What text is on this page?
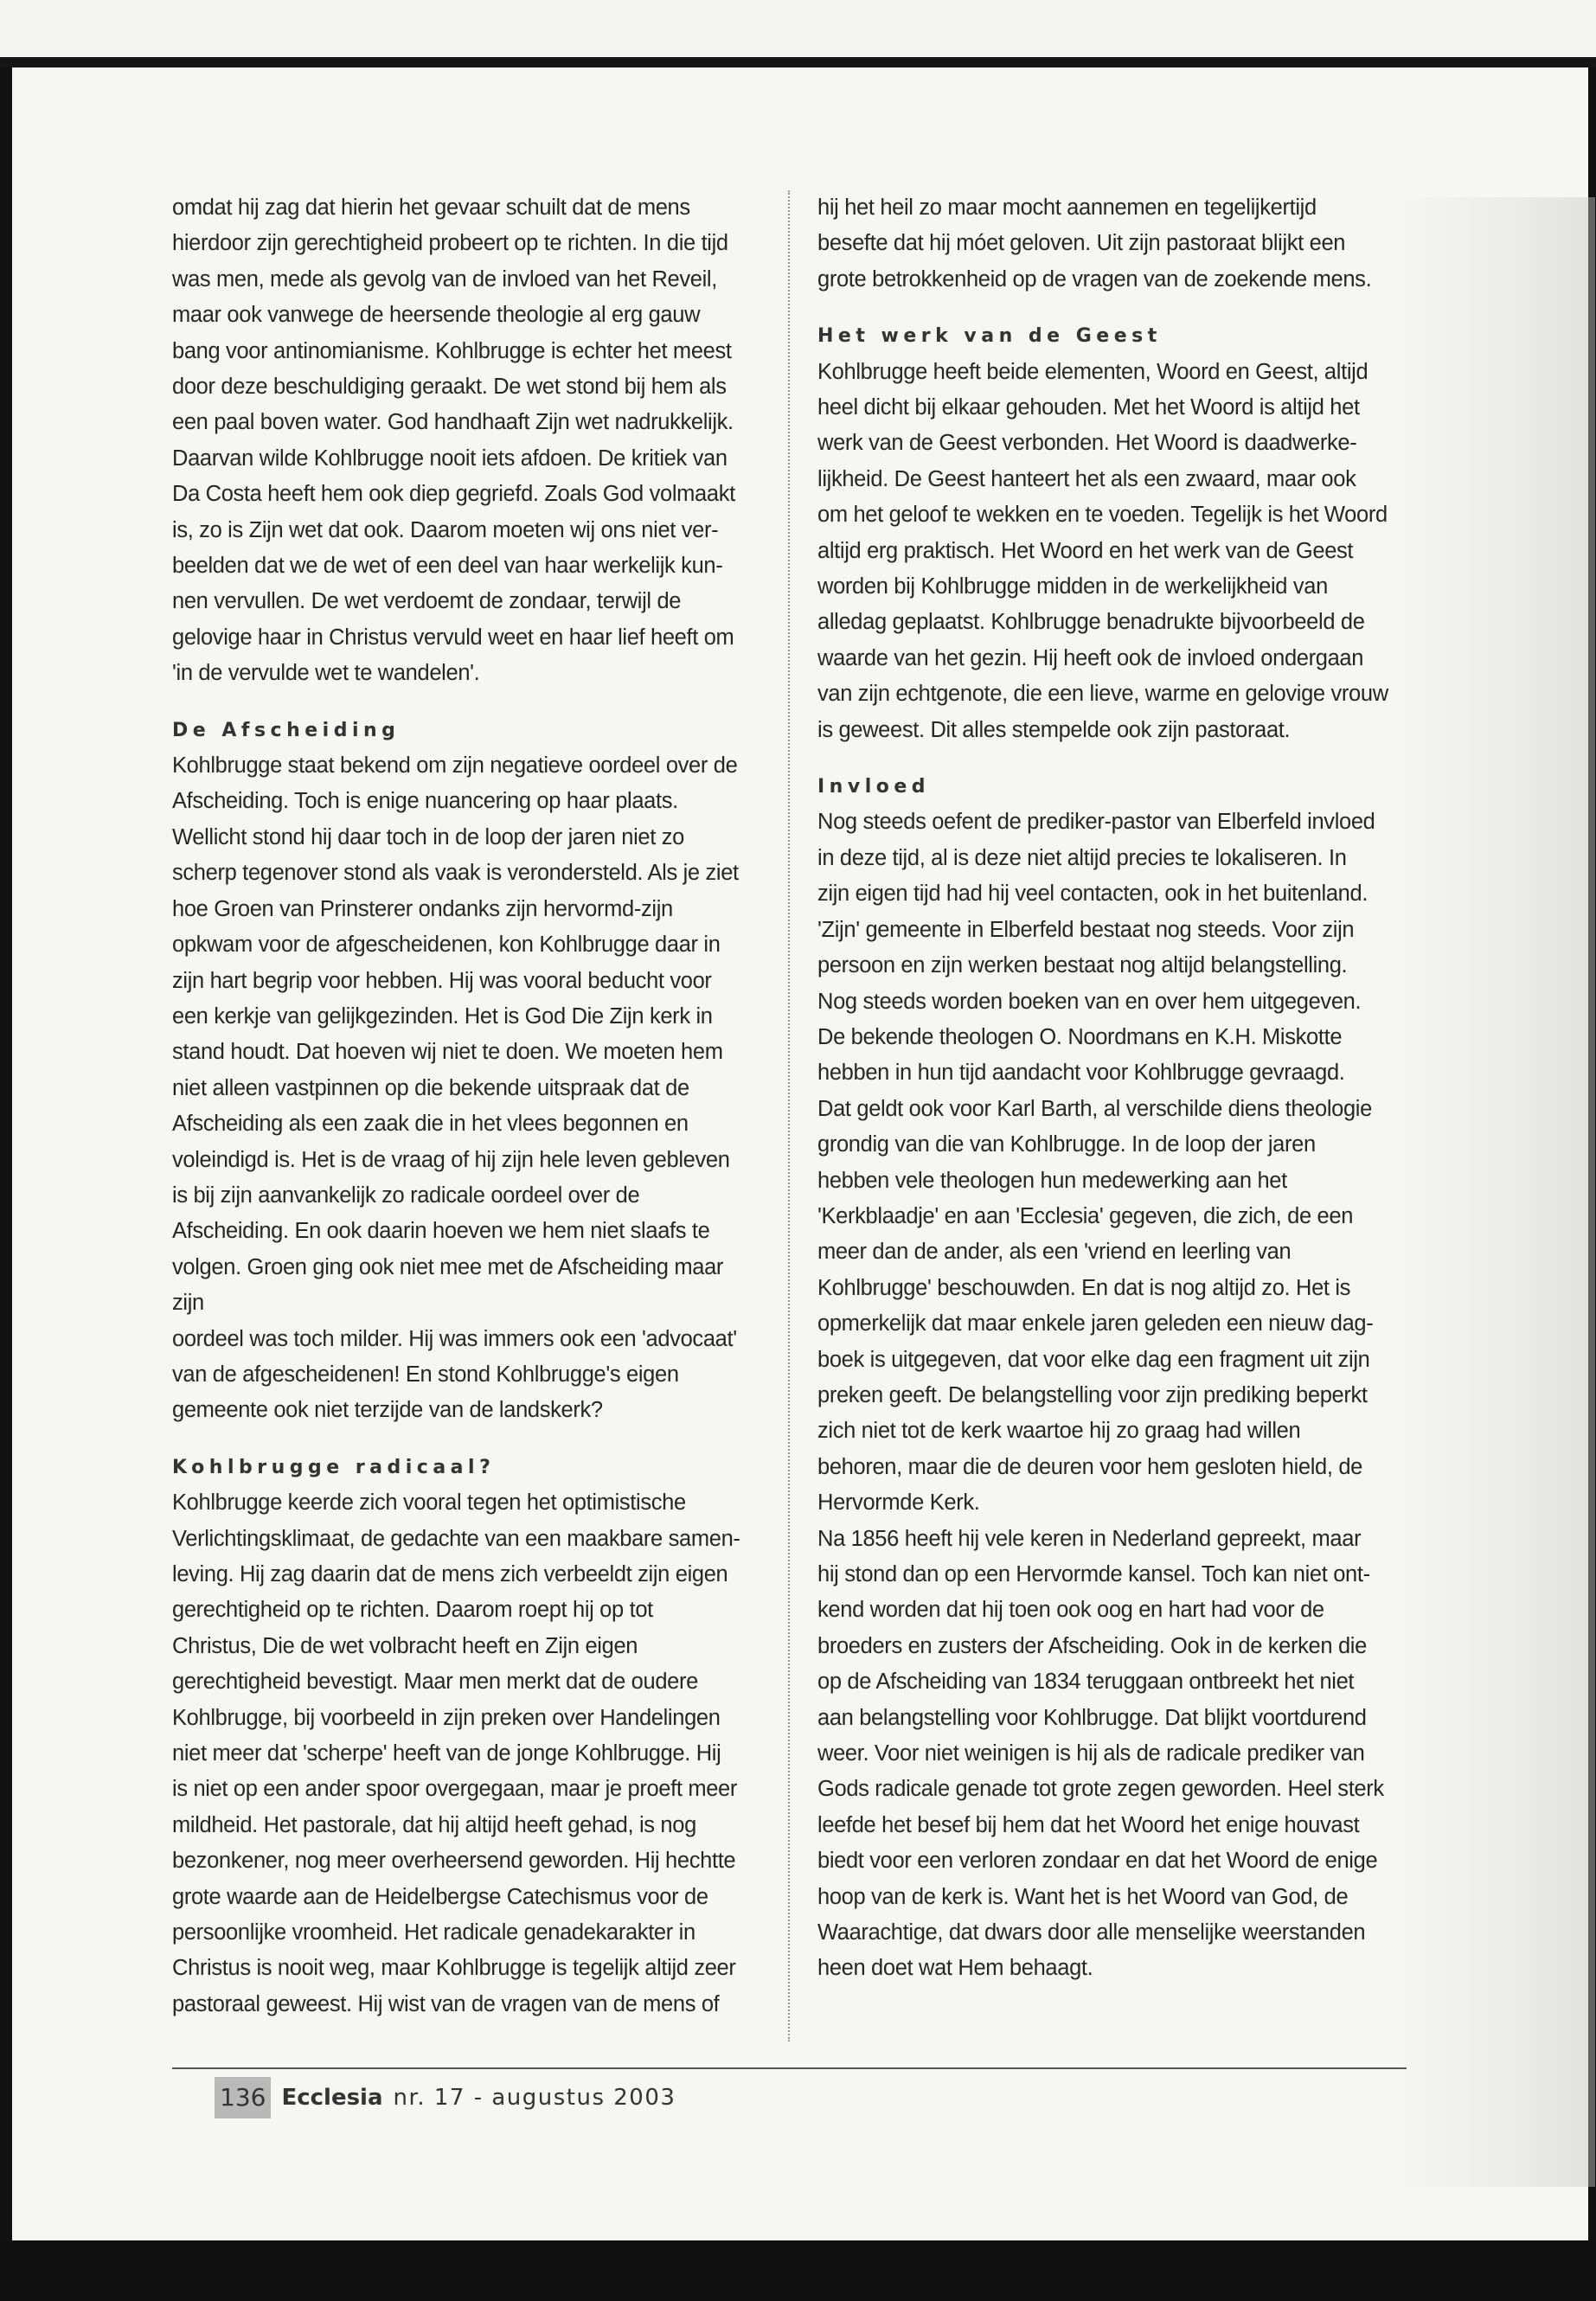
omdat hij zag dat hierin het gevaar schuilt dat de mens

hierdoor zijn gerechtigheid probeert op te richten. In die tijd

was men, mede als gevolg van de invloed van het Reveil,

maar ook vanwege de heersende theologie al erg gauw

bang voor antinomianisme. Kohlbrugge is echter het meest

door deze beschuldiging geraakt. De wet stond bij hem als

een paal boven water. God handhaaft Zijn wet nadrukkelijk.

Daarvan wilde Kohlbrugge nooit iets afdoen. De kritiek van

Da Costa heeft hem ook diep gegriefd. Zoals God volmaakt

is, zo is Zijn wet dat ook. Daarom moeten wij ons niet ver-

beelden dat we de wet of een deel van haar werkelijk kun-

nen vervullen. De wet verdoemt de zondaar, terwijl de

gelovige haar in Christus vervuld weet en haar lief heeft om

'in de vervulde wet te wandelen'.

De Afscheiding

Kohlbrugge staat bekend om zijn negatieve oordeel over de

Afscheiding. Toch is enige nuancering op haar plaats.

Wellicht stond hij daar toch in de loop der jaren niet zo

scherp tegenover stond als vaak is verondersteld. Als je ziet

hoe Groen van Prinsterer ondanks zijn hervormd-zijn

opkwam voor de afgescheidenen, kon Kohlbrugge daar in

zijn hart begrip voor hebben. Hij was vooral beducht voor

een kerkje van gelijkgezinden. Het is God Die Zijn kerk in

stand houdt. Dat hoeven wij niet te doen. We moeten hem

niet alleen vastpinnen op die bekende uitspraak dat de

Afscheiding als een zaak die in het vlees begonnen en

voleindigd is. Het is de vraag of hij zijn hele leven gebleven

is bij zijn aanvankelijk zo radicale oordeel over de

Afscheiding. En ook daarin hoeven we hem niet slaafs te

volgen. Groen ging ook niet mee met de Afscheiding maar

zijn

oordeel was toch milder. Hij was immers ook een 'advocaat'

van de afgescheidenen! En stond Kohlbrugge's eigen

gemeente ook niet terzijde van de landskerk?

Kohlbrugge radicaal?

Kohlbrugge keerde zich vooral tegen het optimistische

Verlichtingsklimaat, de gedachte van een maakbare samen-

leving. Hij zag daarin dat de mens zich verbeeldt zijn eigen

gerechtigheid op te richten. Daarom roept hij op tot

Christus, Die de wet volbracht heeft en Zijn eigen

gerechtigheid bevestigt. Maar men merkt dat de oudere

Kohlbrugge, bij voorbeeld in zijn preken over Handelingen

niet meer dat 'scherpe' heeft van de jonge Kohlbrugge. Hij

is niet op een ander spoor overgegaan, maar je proeft meer

mildheid. Het pastorale, dat hij altijd heeft gehad, is nog

bezonkener, nog meer overheersend geworden. Hij hechtte

grote waarde aan de Heidelbergse Catechismus voor de

persoonlijke vroomheid. Het radicale genadekarakter in

Christus is nooit weg, maar Kohlbrugge is tegelijk altijd zeer

pastoraal geweest. Hij wist van de vragen van de mens of

hij het heil zo maar mocht aannemen en tegelijkertijd

besefte dat hij móet geloven. Uit zijn pastoraat blijkt een

grote betrokkenheid op de vragen van de zoekende mens.

Het werk van de Geest

Kohlbrugge heeft beide elementen, Woord en Geest, altijd

heel dicht bij elkaar gehouden. Met het Woord is altijd het

werk van de Geest verbonden. Het Woord is daadwerke-

lijkheid. De Geest hanteert het als een zwaard, maar ook

om het geloof te wekken en te voeden. Tegelijk is het Woord

altijd erg praktisch. Het Woord en het werk van de Geest

worden bij Kohlbrugge midden in de werkelijkheid van

alledag geplaatst. Kohlbrugge benadrukte bijvoorbeeld de

waarde van het gezin. Hij heeft ook de invloed ondergaan

van zijn echtgenote, die een lieve, warme en gelovige vrouw

is geweest. Dit alles stempelde ook zijn pastoraat.

Invloed

Nog steeds oefent de prediker-pastor van Elberfeld invloed

in deze tijd, al is deze niet altijd precies te lokaliseren. In

zijn eigen tijd had hij veel contacten, ook in het buitenland.

'Zijn' gemeente in Elberfeld bestaat nog steeds. Voor zijn

persoon en zijn werken bestaat nog altijd belangstelling.

Nog steeds worden boeken van en over hem uitgegeven.

De bekende theologen O. Noordmans en K.H. Miskotte

hebben in hun tijd aandacht voor Kohlbrugge gevraagd.

Dat geldt ook voor Karl Barth, al verschilde diens theologie

grondig van die van Kohlbrugge. In de loop der jaren

hebben vele theologen hun medewerking aan het

'Kerkblaadje' en aan 'Ecclesia' gegeven, die zich, de een

meer dan de ander, als een 'vriend en leerling van

Kohlbrugge' beschouwden. En dat is nog altijd zo. Het is

opmerkelijk dat maar enkele jaren geleden een nieuw dag-

boek is uitgegeven, dat voor elke dag een fragment uit zijn

preken geeft. De belangstelling voor zijn prediking beperkt

zich niet tot de kerk waartoe hij zo graag had willen

behoren, maar die de deuren voor hem gesloten hield, de

Hervormde Kerk.

Na 1856 heeft hij vele keren in Nederland gepreekt, maar

hij stond dan op een Hervormde kansel. Toch kan niet ont-

kend worden dat hij toen ook oog en hart had voor de

broeders en zusters der Afscheiding. Ook in de kerken die

op de Afscheiding van 1834 teruggaan ontbreekt het niet

aan belangstelling voor Kohlbrugge. Dat blijkt voortdurend

weer. Voor niet weinigen is hij als de radicale prediker van

Gods radicale genade tot grote zegen geworden. Heel sterk

leefde het besef bij hem dat het Woord het enige houvast

biedt voor een verloren zondaar en dat het Woord de enige

hoop van de kerk is. Want het is het Woord van God, de

Waarachtige, dat dwars door alle menselijke weerstanden

heen doet wat Hem behaagt.

136 Ecclesia nr. 17 - augustus 2003
